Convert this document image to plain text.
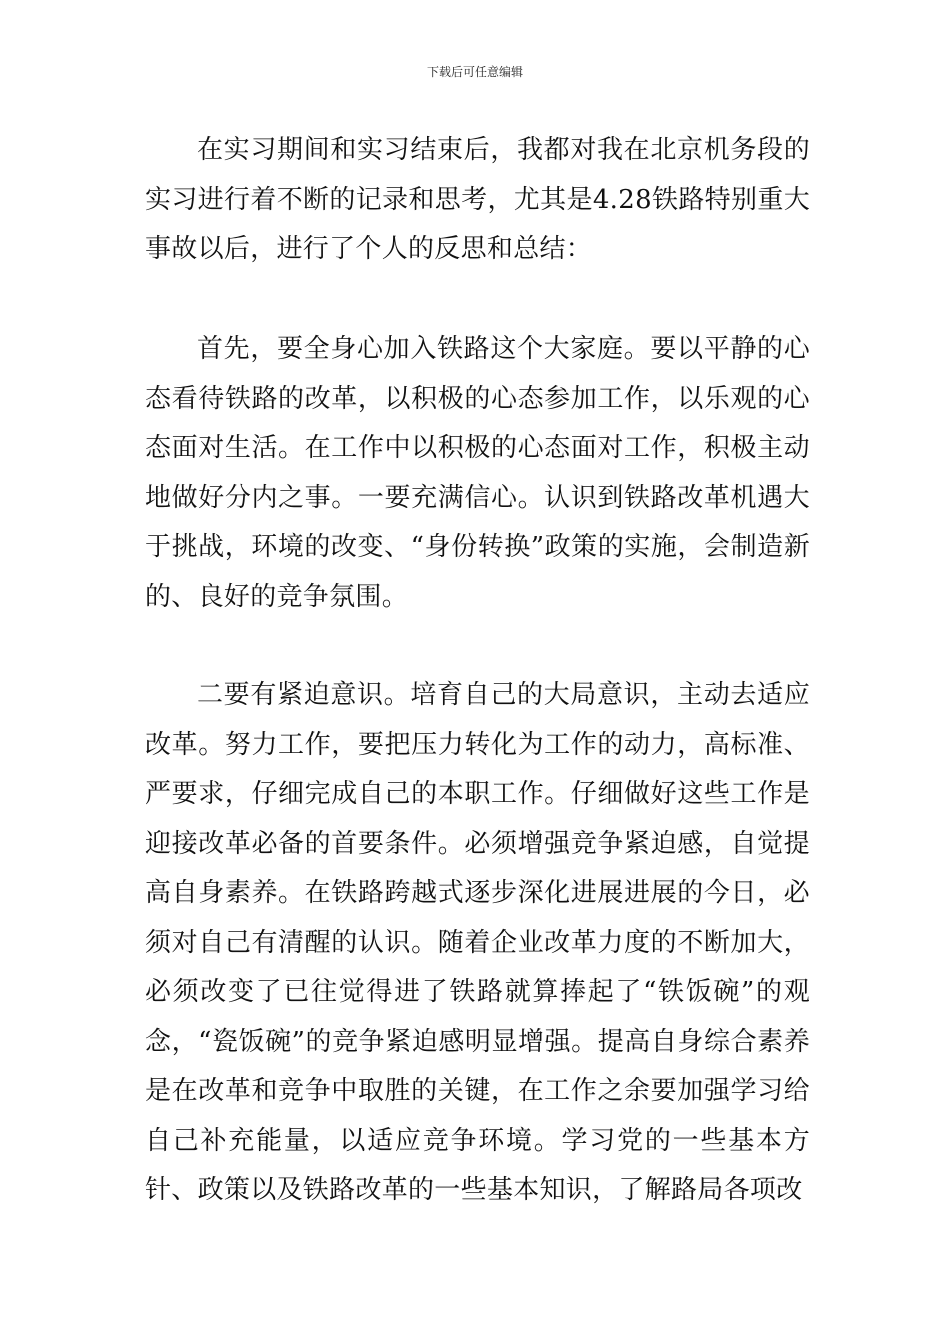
下载后可任意编辑

在实习期间和实习结束后，我都对我在北京机务段的实习进行着不断的记录和思考，尤其是4.28铁路特别重大事故以后，进行了个人的反思和总结：

首先，要全身心加入铁路这个大家庭。要以平静的心态看待铁路的改革，以积极的心态参加工作，以乐观的心态面对生活。在工作中以积极的心态面对工作，积极主动地做好分内之事。一要充满信心。认识到铁路改革机遇大于挑战，环境的改变、“身份转换”政策的实施，会制造新的、良好的竞争氛围。

二要有紧迫意识。培育自己的大局意识，主动去适应改革。努力工作，要把压力转化为工作的动力，高标准、严要求，仔细完成自己的本职工作。仔细做好这些工作是迎接改革必备的首要条件。必须增强竞争紧迫感，自觉提高自身素养。在铁路跨越式逐步深化进展进展的今日，必须对自己有清醒的认识。随着企业改革力度的不断加大，必须改变了已往觉得进了铁路就算捧起了“铁饭碗”的观念，“瓷饭碗”的竞争紧迫感明显增强。提高自身综合素养是在改革和竞争中取胜的关键，在工作之余要加强学习给自己补充能量，以适应竞争环境。学习党的一些基本方针、政策以及铁路改革的一些基本知识，了解路局各项改
